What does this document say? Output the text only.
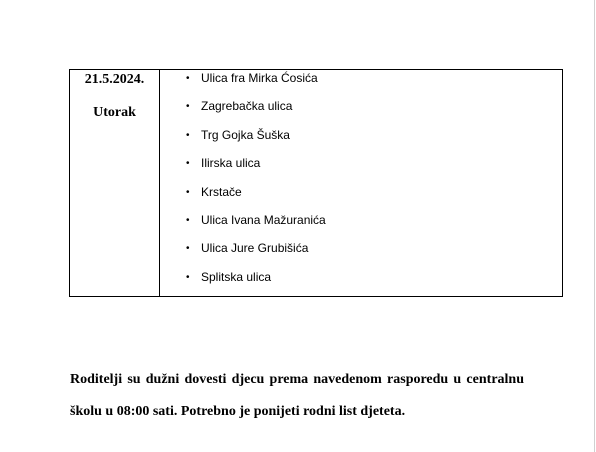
21.5.2024.
Utorak
• Ulica fra Mirka Ćosića
• Zagrebačka ulica
• Trg Gojka Šuška
• Ilirska ulica
• Krstače
• Ulica Ivana Mažuranića
• Ulica Jure Grubišića
• Splitska ulica

Roditelji su dužni dovesti djecu prema navedenom rasporedu u centralnu
školu u 08:00 sati. Potrebno je ponijeti rodni list djeteta.
